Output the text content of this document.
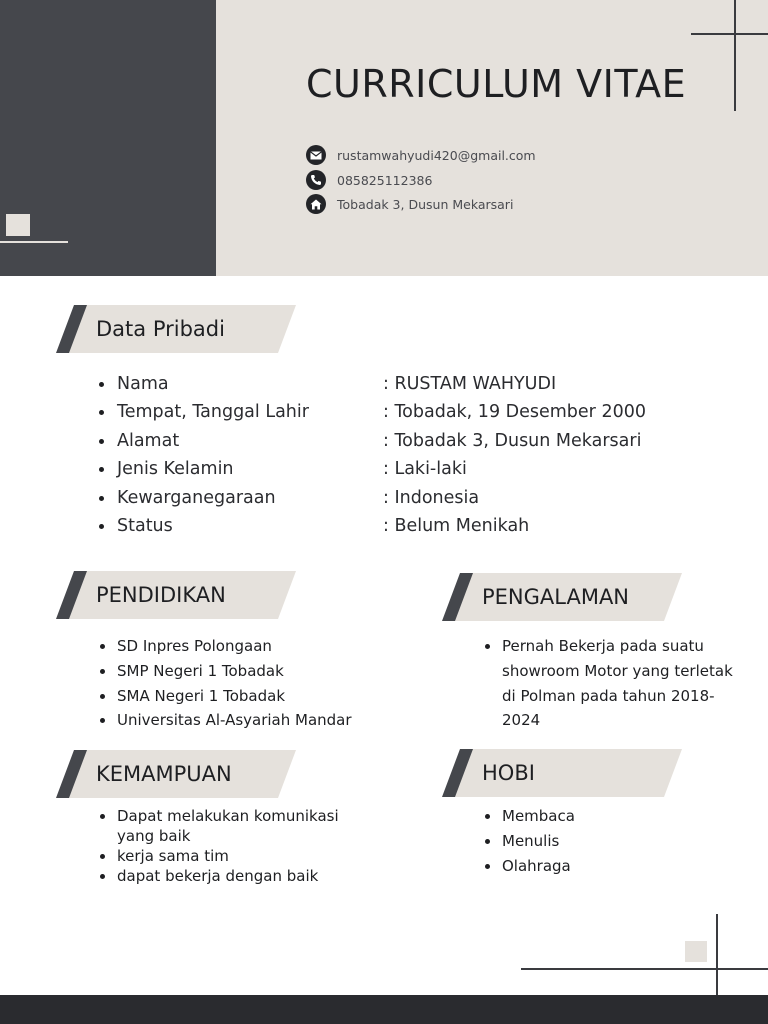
CURRICULUM VITAE
rustamwahyudi420@gmail.com
085825112386
Tobadak 3, Dusun Mekarsari
Data Pribadi
Nama	: RUSTAM WAHYUDI
Tempat, Tanggal Lahir	: Tobadak, 19 Desember 2000
Alamat	: Tobadak 3, Dusun Mekarsari
Jenis Kelamin	: Laki-laki
Kewarganegaraan	: Indonesia
Status	: Belum Menikah
PENDIDIKAN
SD Inpres Polongaan
SMP Negeri 1 Tobadak
SMA Negeri 1 Tobadak
Universitas Al-Asyariah Mandar
PENGALAMAN
Pernah Bekerja pada suatu showroom Motor yang terletak di Polman pada tahun 2018-2024
KEMAMPUAN
Dapat melakukan komunikasi yang baik
kerja sama tim
dapat bekerja dengan baik
HOBI
Membaca
Menulis
Olahraga
